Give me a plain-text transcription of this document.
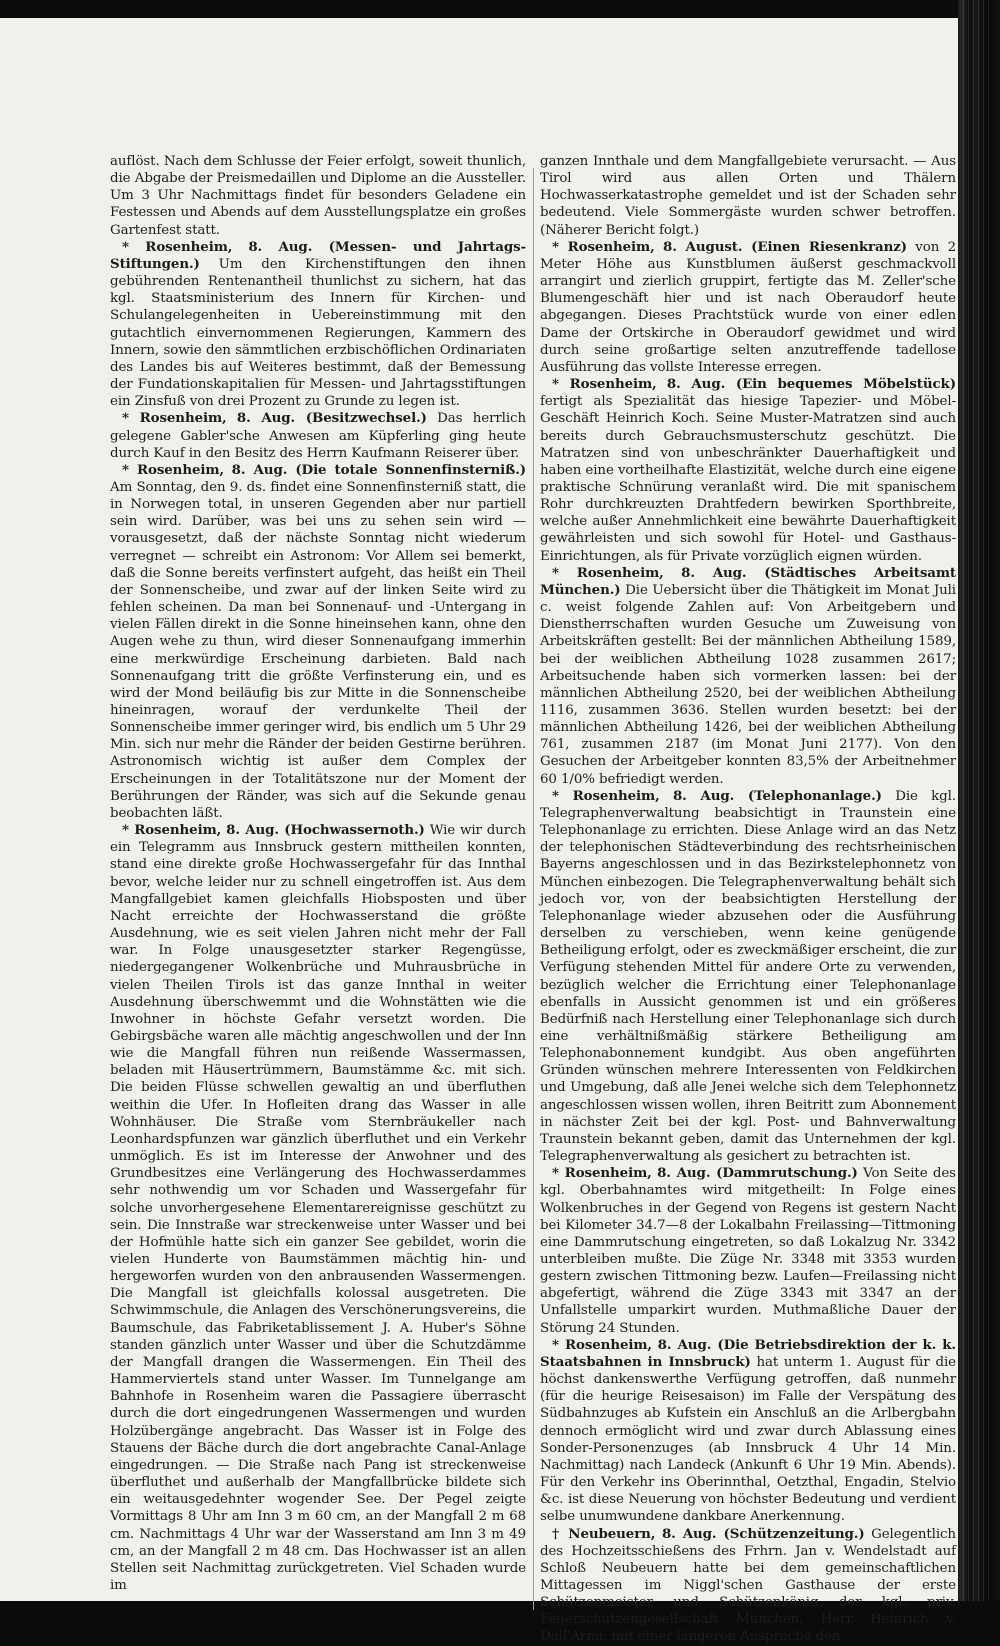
auflöst. Nach dem Schlusse der Feier erfolgt, soweit thunlich, die Abgabe der Preismedaillen und Diplome an die Aussteller. Um 3 Uhr Nachmittags findet für besonders Geladene ein Festessen und Abends auf dem Ausstellungsplatze ein großes Gartenfest statt.

* Rosenheim, 8. Aug. (Messen- und Jahrtags-Stiftungen.) Um den Kirchenstiftungen den ihnen gebührenden Rentenantheil thunlichst zu sichern, hat das kgl. Staatsministerium des Innern für Kirchen- und Schulangelegenheiten in Uebereinstimmung mit den gutachtlich einvernommenen Regierungen, Kammern des Innern, sowie den sämmtlichen erzbischöflichen Ordinariaten des Landes bis auf Weiteres bestimmt, daß der Bemessung der Fundationskapitalien für Messen- und Jahrtagsstiftungen ein Zinsfuß von drei Prozent zu Grunde zu legen ist.

* Rosenheim, 8. Aug. (Besitzwechsel.) Das herrlich gelegene Gabler'sche Anwesen am Küpferling ging heute durch Kauf in den Besitz des Herrn Kaufmann Reiserer über.

* Rosenheim, 8. Aug. (Die totale Sonnenfinsterniß.) Am Sonntag, den 9. ds. findet eine Sonnenfinsterniß statt, die in Norwegen total, in unseren Gegenden aber nur partiell sein wird. Darüber, was bei uns zu sehen sein wird — vorausgesetzt, daß der nächste Sonntag nicht wiederum verregnet — schreibt ein Astronom: Vor Allem sei bemerkt, daß die Sonne bereits verfinstert aufgeht, das heißt ein Theil der Sonnenscheibe, und zwar auf der linken Seite wird zu fehlen scheinen. Da man bei Sonnenauf- und -Untergang in vielen Fällen direkt in die Sonne hineinsehen kann, ohne den Augen wehe zu thun, wird dieser Sonnenaufgang immerhin eine merkwürdige Erscheinung darbieten. Bald nach Sonnenaufgang tritt die größte Verfinsterung ein, und es wird der Mond beiläufig bis zur Mitte in die Sonnenscheibe hineinragen, worauf der verdunkelte Theil der Sonnenscheibe immer geringer wird, bis endlich um 5 Uhr 29 Min. sich nur mehr die Ränder der beiden Gestirne berühren. Astronomisch wichtig ist außer dem Complex der Erscheinungen in der Totalitätszone nur der Moment der Berührungen der Ränder, was sich auf die Sekunde genau beobachten läßt.

* Rosenheim, 8. Aug. (Hochwassernoth.) Wie wir durch ein Telegramm aus Innsbruck gestern mittheilen konnten, stand eine direkte große Hochwassergefahr für das Innthal bevor, welche leider nur zu schnell eingetroffen ist. Aus dem Mangfallgebiet kamen gleichfalls Hiobsposten und über Nacht erreichte der Hochwasserstand die größte Ausdehnung, wie es seit vielen Jahren nicht mehr der Fall war. In Folge unausgesetzter starker Regengüsse, niedergegangener Wolkenbrüche und Muhrausbrüche in vielen Theilen Tirols ist das ganze Innthal in weiter Ausdehnung überschwemmt und die Wohnstätten wie die Inwohner in höchste Gefahr versetzt worden. Die Gebirgsbäche waren alle mächtig angeschwollen und der Inn wie die Mangfall führen nun reißende Wassermassen, beladen mit Häusertrümmern, Baumstämme &c. mit sich. Die beiden Flüsse schwellen gewaltig an und überfluthen weithin die Ufer. In Hofleiten drang das Wasser in alle Wohnhäuser. Die Straße vom Sternbräukeller nach Leonhardspfunzen war gänzlich überfluthet und ein Verkehr unmöglich. Es ist im Interesse der Anwohner und des Grundbesitzes eine Verlängerung des Hochwasserdammes sehr nothwendig um vor Schaden und Wassergefahr für solche unvorhergesehene Elementarereignisse geschützt zu sein. Die Innstraße war streckenweise unter Wasser und bei der Hofmühle hatte sich ein ganzer See gebildet, worin die vielen Hunderte von Baumstämmen mächtig hin- und hergeworfen wurden von den anbrausenden Wassermengen. Die Mangfall ist gleichfalls kolossal ausgetreten. Die Schwimmschule, die Anlagen des Verschönerungsvereins, die Baumschule, das Fabriketablissement J. A. Huber's Söhne standen gänzlich unter Wasser und über die Schutzdämme der Mangfall drangen die Wassermengen. Ein Theil des Hammerviertels stand unter Wasser. Im Tunnelgange am Bahnhofe in Rosenheim waren die Passagiere überrascht durch die dort eingedrungenen Wassermengen und wurden Holzübergänge angebracht. Das Wasser ist in Folge des Stauens der Bäche durch die dort angebrachte Canal-Anlage eingedrungen. — Die Straße nach Pang ist streckenweise überfluthet und außerhalb der Mangfallbrücke bildete sich ein weitausgedehnter wogender See. Der Pegel zeigte Vormittags 8 Uhr am Inn 3 m 60 cm, an der Mangfall 2 m 68 cm. Nachmittags 4 Uhr war der Wasserstand am Inn 3 m 49 cm, an der Mangfall 2 m 48 cm. Das Hochwasser ist an allen Stellen seit Nachmittag zurückgetreten. Viel Schaden wurde im

ganzen Innthale und dem Mangfallgebiete verursacht. — Aus Tirol wird aus allen Orten und Thälern Hochwasserkatastrophe gemeldet und ist der Schaden sehr bedeutend. Viele Sommergäste wurden schwer betroffen. (Näherer Bericht folgt.)

* Rosenheim, 8. August. (Einen Riesenkranz) von 2 Meter Höhe aus Kunstblumen äußerst geschmackvoll arrangirt und zierlich gruppirt, fertigte das M. Zeller'sche Blumengeschäft hier und ist nach Oberaudorf heute abgegangen. Dieses Prachtstück wurde von einer edlen Dame der Ortskirche in Oberaudorf gewidmet und wird durch seine großartige selten anzutreffende tadellose Ausführung das vollste Interesse erregen.

* Rosenheim, 8. Aug. (Ein bequemes Möbelstück) fertigt als Spezialität das hiesige Tapezier- und Möbel-Geschäft Heinrich Koch. Seine Muster-Matratzen sind auch bereits durch Gebrauchsmusterschutz geschützt. Die Matratzen sind von unbeschränkter Dauerhaftigkeit und haben eine vortheilhafte Elastizität, welche durch eine eigene praktische Schnürung veranlaßt wird. Die mit spanischem Rohr durchkreuzten Drahtfedern bewirken Sporthbreite, welche außer Annehmlichkeit eine bewährte Dauerhaftigkeit gewährleisten und sich sowohl für Hotel- und Gasthaus-Einrichtungen, als für Private vorzüglich eignen würden.

* Rosenheim, 8. Aug. (Städtisches Arbeitsamt München.) Die Uebersicht über die Thätigkeit im Monat Juli c. weist folgende Zahlen auf: Von Arbeitgebern und Dienstherrschaften wurden Gesuche um Zuweisung von Arbeitskräften gestellt: Bei der männlichen Abtheilung 1589, bei der weiblichen Abtheilung 1028 zusammen 2617; Arbeitsuchende haben sich vormerken lassen: bei der männlichen Abtheilung 2520, bei der weiblichen Abtheilung 1116, zusammen 3636. Stellen wurden besetzt: bei der männlichen Abtheilung 1426, bei der weiblichen Abtheilung 761, zusammen 2187 (im Monat Juni 2177). Von den Gesuchen der Arbeitgeber konnten 83,5% der Arbeitnehmer 60 1/0% befriedigt werden.

* Rosenheim, 8. Aug. (Telephonanlage.) Die kgl. Telegraphenverwaltung beabsichtigt in Traunstein eine Telephonanlage zu errichten. Diese Anlage wird an das Netz der telephonischen Städteverbindung des rechtsrheinischen Bayerns angeschlossen und in das Bezirkstelephonnetz von München einbezogen. Die Telegraphenverwaltung behält sich jedoch vor, von der beabsichtigten Herstellung der Telephonanlage wieder abzusehen oder die Ausführung derselben zu verschieben, wenn keine genügende Betheiligung erfolgt, oder es zweckmäßiger erscheint, die zur Verfügung stehenden Mittel für andere Orte zu verwenden, bezüglich welcher die Errichtung einer Telephonanlage ebenfalls in Aussicht genommen ist und ein größeres Bedürfniß nach Herstellung einer Telephonanlage sich durch eine verhältnißmäßig stärkere Betheiligung am Telephonabonnement kundgibt. Aus oben angeführten Gründen wünschen mehrere Interessenten von Feldkirchen und Umgebung, daß alle Jenei welche sich dem Telephonnetz angeschlossen wissen wollen, ihren Beitritt zum Abonnement in nächster Zeit bei der kgl. Post- und Bahnverwaltung Traunstein bekannt geben, damit das Unternehmen der kgl. Telegraphenverwaltung als gesichert zu betrachten ist.

* Rosenheim, 8. Aug. (Dammrutschung.) Von Seite des kgl. Oberbahnamtes wird mitgetheilt: In Folge eines Wolkenbruches in der Gegend von Regens ist gestern Nacht bei Kilometer 34.7—8 der Lokalbahn Freilassing—Tittmoning eine Dammrutschung eingetreten, so daß Lokalzug Nr. 3342 unterbleiben mußte. Die Züge Nr. 3348 mit 3353 wurden gestern zwischen Tittmoning bezw. Laufen—Freilassing nicht abgefertigt, während die Züge 3343 mit 3347 an der Unfallstelle umparkirt wurden. Muthmaßliche Dauer der Störung 24 Stunden.

* Rosenheim, 8. Aug. (Die Betriebsdirektion der k. k. Staatsbahnen in Innsbruck) hat unterm 1. August für die höchst dankenswerthe Verfügung getroffen, daß nunmehr (für die heurige Reisesaison) im Falle der Verspätung des Südbahnzuges ab Kufstein ein Anschluß an die Arlbergbahn dennoch ermöglicht wird und zwar durch Ablassung eines Sonder-Personenzuges (ab Innsbruck 4 Uhr 14 Min. Nachmittag) nach Landeck (Ankunft 6 Uhr 19 Min. Abends). Für den Verkehr ins Oberinnthal, Oetzthal, Engadin, Stelvio &c. ist diese Neuerung von höchster Bedeutung und verdient selbe unumwundene dankbare Anerkennung.

† Neubeuern, 8. Aug. (Schützenzeitung.) Gelegentlich des Hochzeitsschießens des Frhrn. Jan v. Wendelstadt auf Schloß Neubeuern hatte bei dem gemeinschaftlichen Mittagessen im Niggl'schen Gasthause der erste Schützenmeister und Schützenkönig der kgl. priv. Feuerschützengesellschaft München, Herr Heinrich v. Dall'Armi, mit einer längeren Ansprache den
